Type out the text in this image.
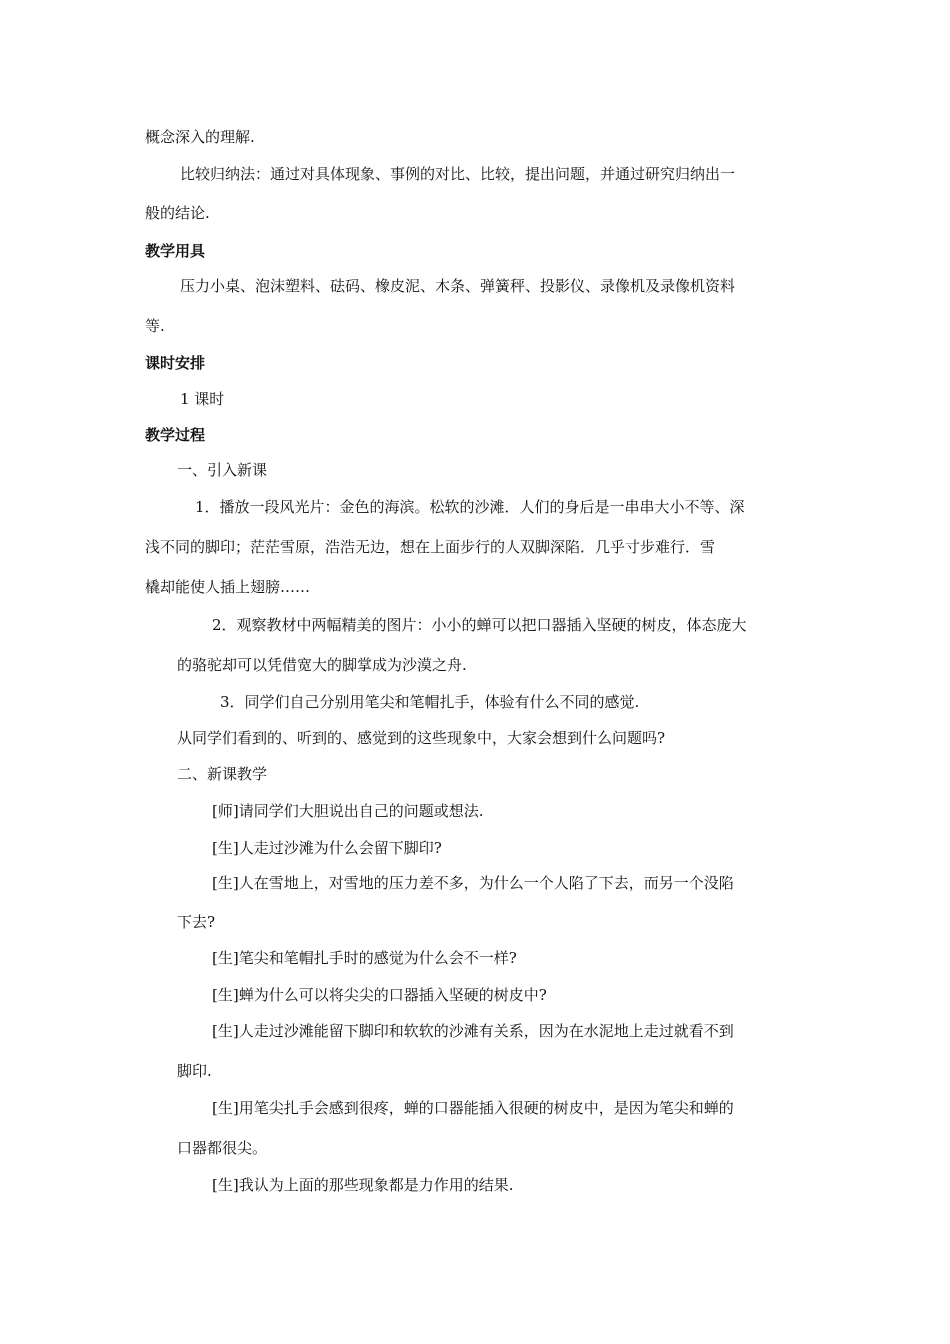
概念深入的理解.
比较归纳法：通过对具体现象、事例的对比、比较，提出问题，并通过研究归纳出一
般的结论.
教学用具
压力小桌、泡沫塑料、砝码、橡皮泥、木条、弹簧秤、投影仪、录像机及录像机资料
等.
课时安排
1 课时
教学过程
一、引入新课
1．播放一段风光片：金色的海滨。松软的沙滩．人们的身后是一串串大小不等、深
浅不同的脚印；茫茫雪原，浩浩无边，想在上面步行的人双脚深陷．几乎寸步难行．雪
橇却能使人插上翅膀……
2．观察教材中两幅精美的图片：小小的蝉可以把口器插入坚硬的树皮，体态庞大
的骆驼却可以凭借宽大的脚掌成为沙漠之舟.
3．同学们自己分别用笔尖和笔帽扎手，体验有什么不同的感觉.
从同学们看到的、听到的、感觉到的这些现象中，大家会想到什么问题吗?
二、新课教学
[师]请同学们大胆说出自己的问题或想法.
[生]人走过沙滩为什么会留下脚印?
[生]人在雪地上，对雪地的压力差不多，为什么一个人陷了下去，而另一个没陷
下去?
[生]笔尖和笔帽扎手时的感觉为什么会不一样?
[生]蝉为什么可以将尖尖的口器插入坚硬的树皮中?
[生]人走过沙滩能留下脚印和软软的沙滩有关系，因为在水泥地上走过就看不到
脚印.
[生]用笔尖扎手会感到很疼，蝉的口器能插入很硬的树皮中，是因为笔尖和蝉的
口器都很尖。
[生]我认为上面的那些现象都是力作用的结果.
